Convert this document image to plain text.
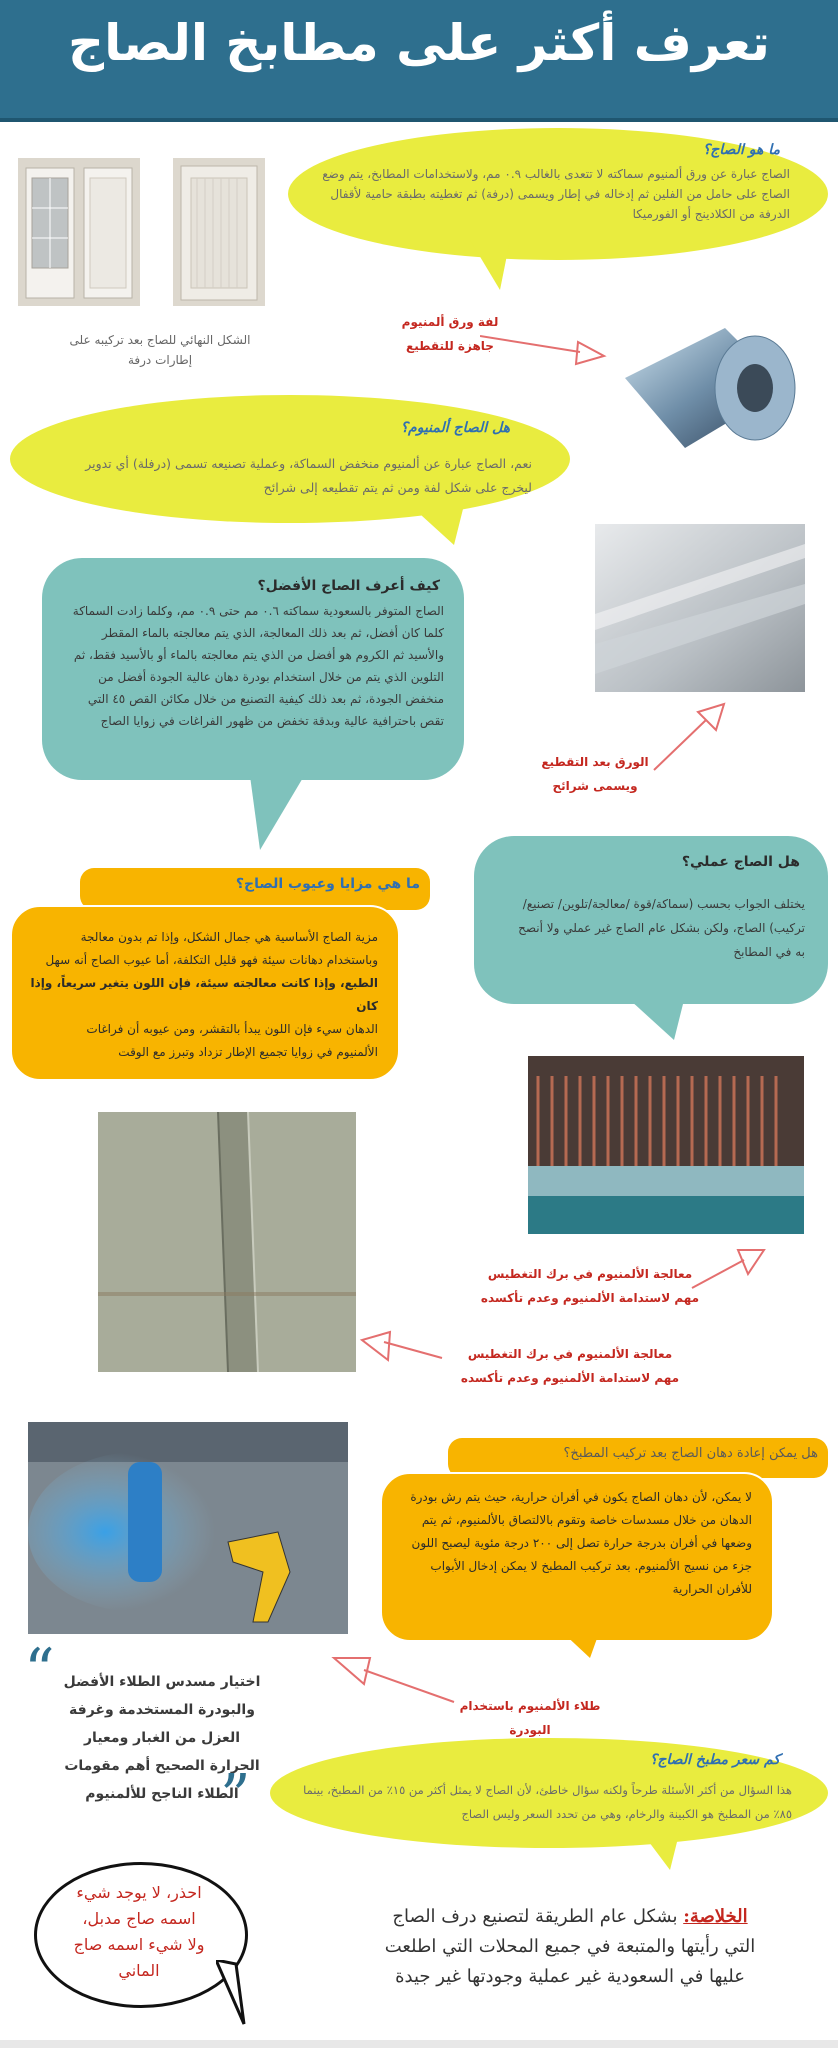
تعرف أكثر على مطابخ الصاج
ما هو الصاج؟
الصاج عبارة عن ورق ألمنيوم سماكته لا تتعدى بالغالب ٠.٩ مم، ولاستخدامات المطابخ، يتم وضع الصاج على حامل من الفلين ثم إدخاله في إطار ويسمى (درفة) ثم تغطيته بطبقة حامية لأقفال الدرفة من الكلادينج أو الفورميكا
الشكل النهائي للصاج بعد تركيبه على إطارات درفة
لفة ورق ألمنيوم جاهزة للتقطيع
هل الصاج ألمنيوم؟
نعم، الصاج عبارة عن ألمنيوم منخفض السماكة، وعملية تصنيعه تسمى (درفلة) أي تدوير ليخرج على شكل لفة ومن ثم يتم تقطيعه إلى شرائح
كيف أعرف الصاج الأفضل؟
الصاج المتوفر بالسعودية سماكته ٠.٦ مم حتى ٠.٩ مم، وكلما زادت السماكة كلما كان أفضل، ثم بعد ذلك المعالجة، الذي يتم معالجته بالماء المقطر والأسيد ثم الكروم هو أفضل من الذي يتم معالجته بالماء أو بالأسيد فقط، ثم التلوين الذي يتم من خلال استخدام بودرة دهان عالية الجودة أفضل من منخفض الجودة، ثم بعد ذلك كيفية التصنيع من خلال مكائن القص ٤٥ التي تقص باحترافية عالية وبدقة تخفض من ظهور الفراغات في زوايا الصاج
الورق بعد التقطيع ويسمى شرائح
هل الصاج عملي؟
يختلف الجواب بحسب (سماكة/قوة /معالجة/تلوين/ تصنيع/تركيب) الصاج، ولكن بشكل عام الصاج غير عملي ولا أنصح به في المطابخ
ما هي مزايا وعيوب الصاج؟
مزية الصاج الأساسية هي جمال الشكل، وإذا تم بدون معالجة
وباستخدام دهانات سيئة فهو قليل التكلفة، أما عيوب الصاج أنه سهل
الطبع، وإذا كانت معالجته سيئة، فإن اللون يتغير سريعاً، وإذا كان
الدهان سيء فإن اللون يبدأ بالتقشر، ومن عيوبه أن فراغات
الألمنيوم في زوايا تجميع الإطار تزداد وتبرز مع الوقت
معالجة الألمنيوم في برك التغطيس مهم لاستدامة الألمنيوم وعدم تأكسده
معالجة الألمنيوم في برك التغطيس مهم لاستدامة الألمنيوم وعدم تأكسده
هل يمكن إعادة دهان الصاج بعد تركيب المطبخ؟
لا يمكن، لأن دهان الصاج يكون في أفران حرارية، حيث يتم رش بودرة الدهان من خلال مسدسات خاصة وتقوم بالالتصاق بالألمنيوم، ثم يتم وضعها في أفران بدرجة حرارة تصل إلى ٢٠٠ درجة مئوية ليصبح اللون جزء من نسيج الألمنيوم. بعد تركيب المطبخ لا يمكن إدخال الأبواب للأفران الحرارية
“ اختيار مسدس الطلاء الأفضل والبودرة المستخدمة وغرفة العزل من الغبار ومعيار الحرارة الصحيح أهم مقومات الطلاء الناجح للألمنيوم
”
طلاء الألمنيوم باستخدام البودرة
كم سعر مطبخ الصاج؟
هذا السؤال من أكثر الأسئلة طرحاً ولكنه سؤال خاطئ، لأن الصاج لا يمثل أكثر من ١٥٪ من المطبخ، بينما ٨٥٪ من المطبخ هو الكبينة والرخام، وهي من تحدد السعر وليس الصاج
احذر، لا يوجد شيء اسمه صاج مدبل، ولا شيء اسمه صاج الماني
الخلاصة: بشكل عام الطريقة لتصنيع درف الصاج التي رأيتها والمتبعة في جميع المحلات التي اطلعت عليها في السعودية غير عملية وجودتها غير جيدة
